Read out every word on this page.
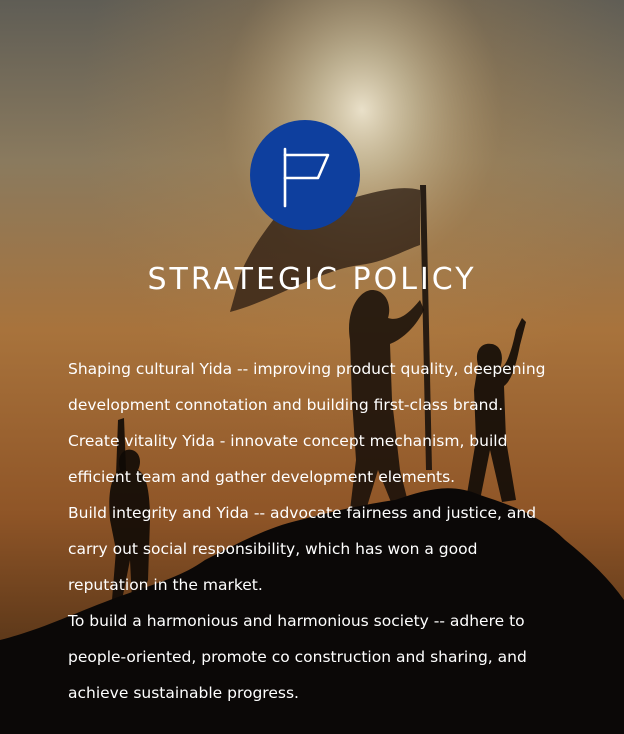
STRATEGIC POLICY
Shaping cultural Yida -- improving product quality, deepening development connotation and building first-class brand.
Create vitality Yida - innovate concept mechanism, build efficient team and gather development elements.
Build integrity and Yida -- advocate fairness and justice, and carry out social responsibility, which has won a good reputation in the market.
To build a harmonious and harmonious society -- adhere to people-oriented, promote co construction and sharing, and achieve sustainable progress.
